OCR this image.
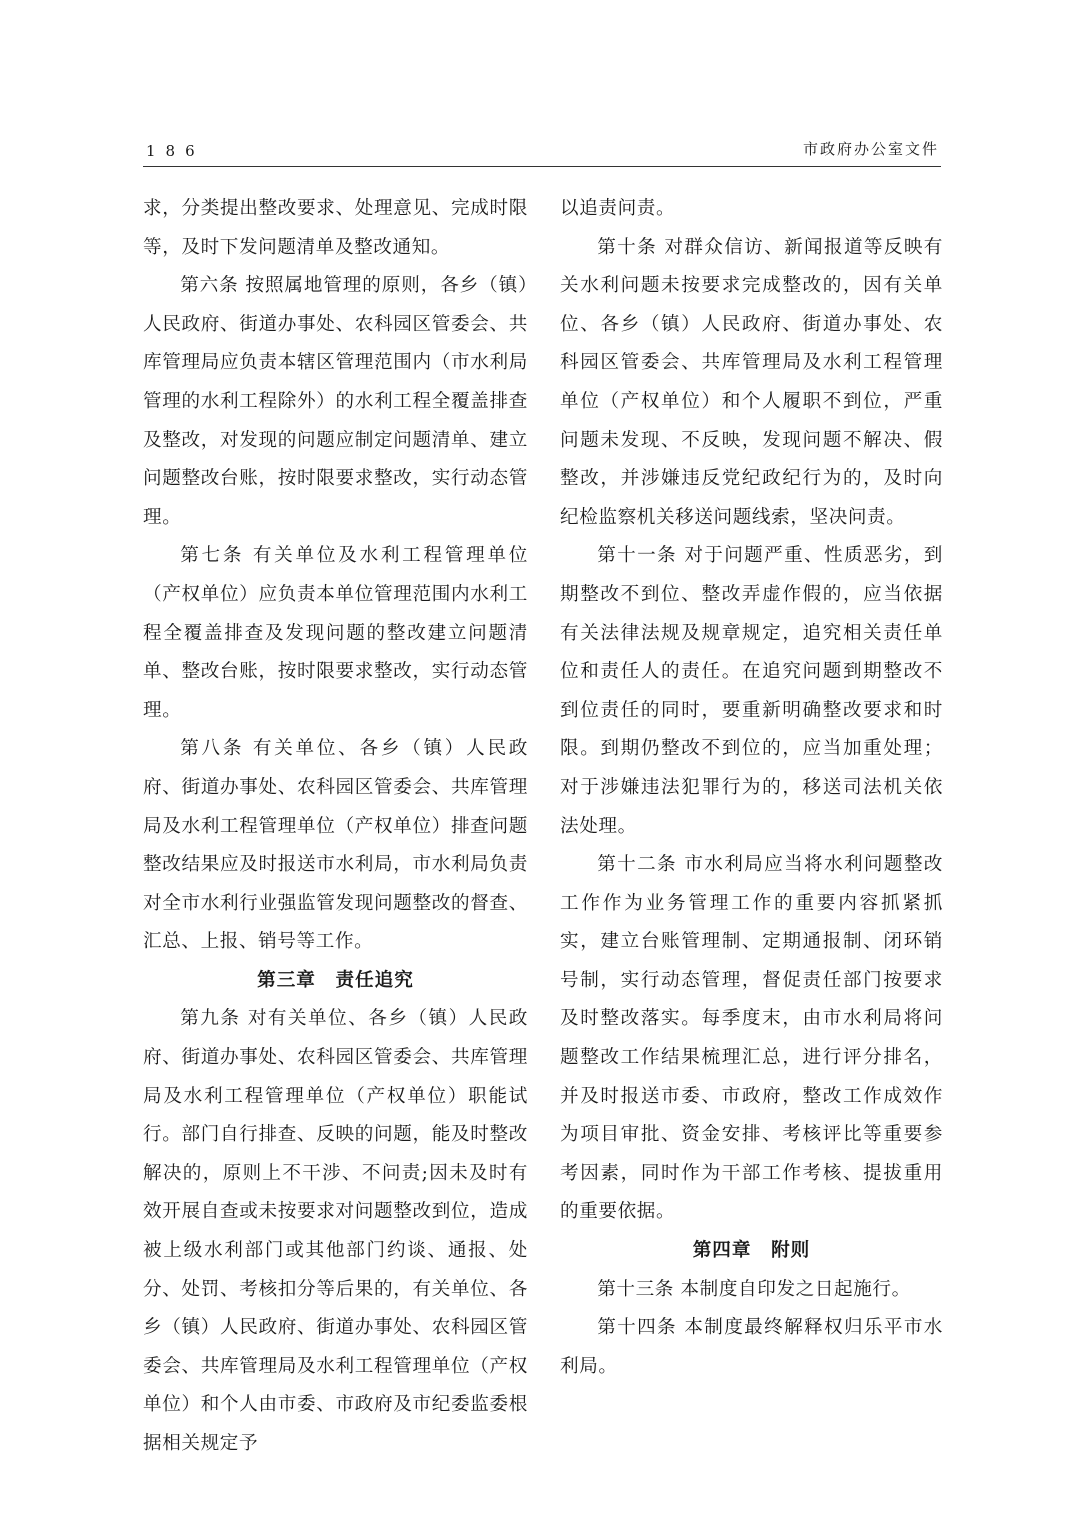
186	市政府办公室文件

求，分类提出整改要求、处理意见、完成时限等，及时下发问题清单及整改通知。

第六条 按照属地管理的原则，各乡（镇）人民政府、街道办事处、农科园区管委会、共库管理局应负责本辖区管理范围内（市水利局管理的水利工程除外）的水利工程全覆盖排查及整改，对发现的问题应制定问题清单、建立问题整改台账，按时限要求整改，实行动态管理。

第七条 有关单位及水利工程管理单位（产权单位）应负责本单位管理范围内水利工程全覆盖排查及发现问题的整改建立问题清单、整改台账，按时限要求整改，实行动态管理。

第八条 有关单位、各乡（镇）人民政府、街道办事处、农科园区管委会、共库管理局及水利工程管理单位（产权单位）排查问题整改结果应及时报送市水利局，市水利局负责对全市水利行业强监管发现问题整改的督查、汇总、上报、销号等工作。

第三章　责任追究

第九条 对有关单位、各乡（镇）人民政府、街道办事处、农科园区管委会、共库管理局及水利工程管理单位（产权单位）职能试行。部门自行排查、反映的问题，能及时整改解决的，原则上不干涉、不问责;因未及时有效开展自查或未按要求对问题整改到位，造成被上级水利部门或其他部门约谈、通报、处分、处罚、考核扣分等后果的，有关单位、各乡（镇）人民政府、街道办事处、农科园区管委会、共库管理局及水利工程管理单位（产权单位）和个人由市委、市政府及市纪委监委根据相关规定予

以追责问责。

第十条 对群众信访、新闻报道等反映有关水利问题未按要求完成整改的，因有关单位、各乡（镇）人民政府、街道办事处、农科园区管委会、共库管理局及水利工程管理单位（产权单位）和个人履职不到位，严重问题未发现、不反映，发现问题不解决、假整改，并涉嫌违反党纪政纪行为的，及时向纪检监察机关移送问题线索，坚决问责。

第十一条 对于问题严重、性质恶劣，到期整改不到位、整改弄虚作假的，应当依据有关法律法规及规章规定，追究相关责任单位和责任人的责任。在追究问题到期整改不到位责任的同时，要重新明确整改要求和时限。到期仍整改不到位的，应当加重处理；对于涉嫌违法犯罪行为的，移送司法机关依法处理。

第十二条 市水利局应当将水利问题整改工作作为业务管理工作的重要内容抓紧抓实，建立台账管理制、定期通报制、闭环销号制，实行动态管理，督促责任部门按要求及时整改落实。每季度末，由市水利局将问题整改工作结果梳理汇总，进行评分排名，并及时报送市委、市政府，整改工作成效作为项目审批、资金安排、考核评比等重要参考因素，同时作为干部工作考核、提拔重用的重要依据。

第四章　附则

第十三条 本制度自印发之日起施行。

第十四条 本制度最终解释权归乐平市水利局。
